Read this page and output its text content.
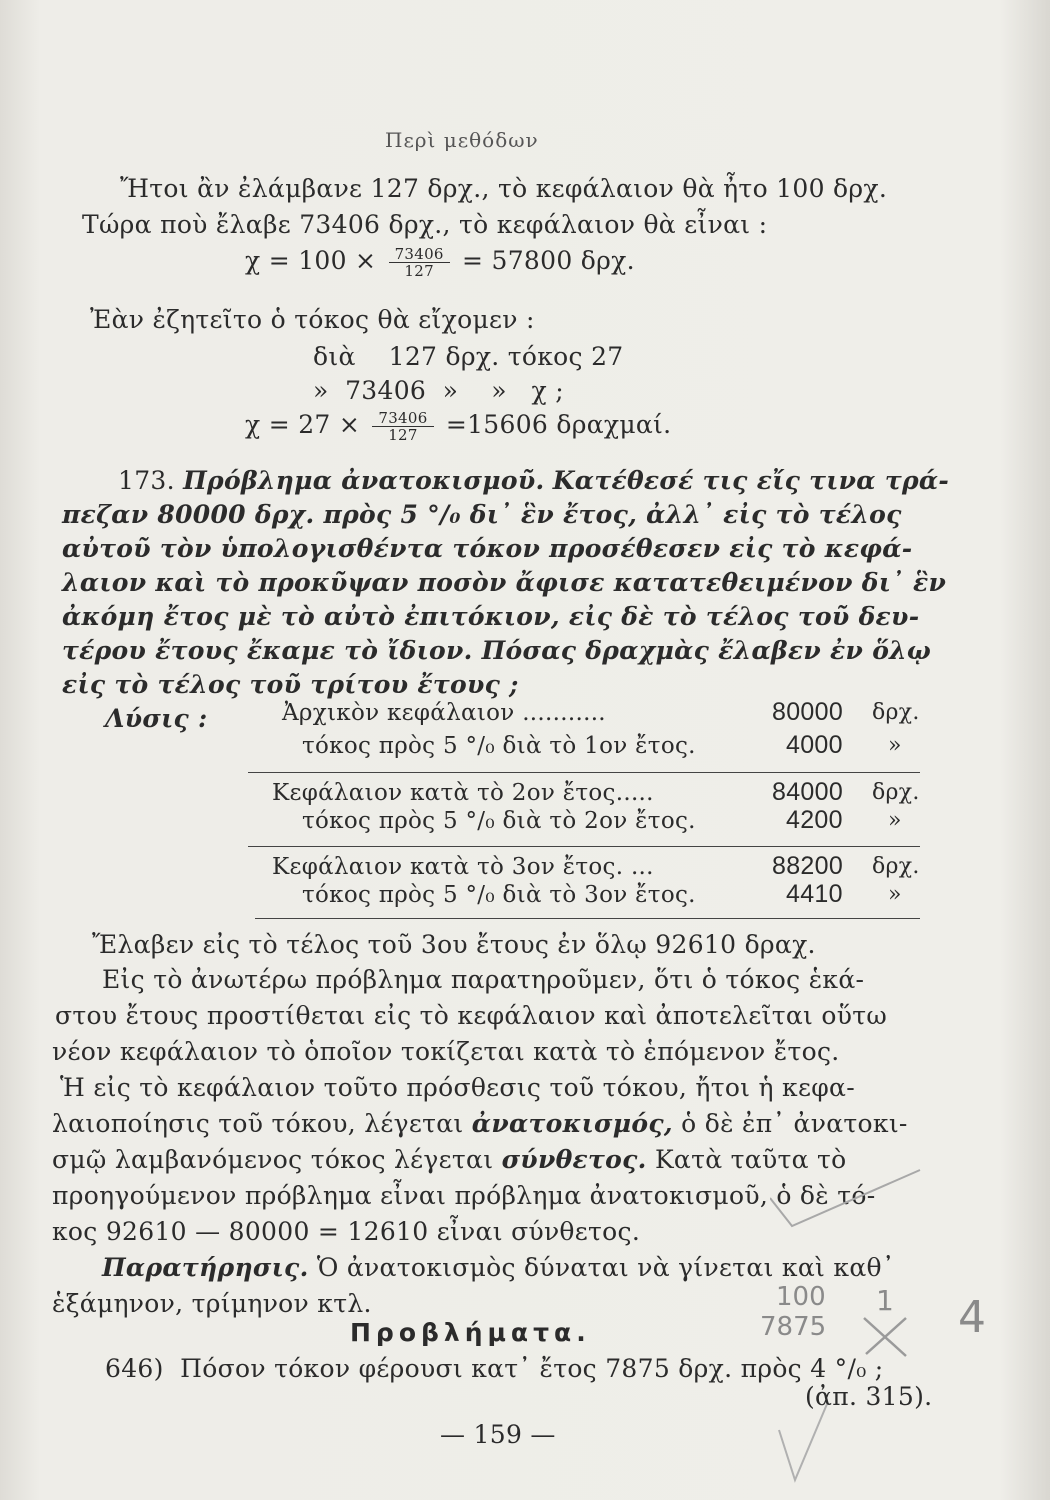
Περὶ μεθόδων
Ἤτοι ἂν ἐλάμβανε 127 δρχ., τὸ κεφάλαιον θὰ ἦτο 100 δρχ.
Τώρα ποὺ ἔλαβε 73406 δρχ., τὸ κεφάλαιον θὰ εἶναι :
$\chi = 100 \times \frac{73406}{127} = 57800$ δρχ.
Ἐὰν ἐζητεῖτο ὁ τόκος θὰ εἴχομεν :
διὰ    127 δρχ. τόκος 27
»  73406  »    »   χ ;
$\chi = 27 \times \frac{73406}{127} =15606$ δραχμαί.
173. Πρόβλημα ἀνατοκισμοῦ. Κατέθεσέ τις εἴς τινα τρά-
πεζαν 80000 δρχ. πρὸς 5 °/₀ δι᾽ ἓν ἔτος, ἀλλ᾽ εἰς τὸ τέλος
αὐτοῦ τὸν ὑπολογισθέντα τόκον προσέθεσεν εἰς τὸ κεφά-
λαιον καὶ τὸ προκῦψαν ποσὸν ἄφισε κατατεθειμένον δι᾽ ἓν
ἀκόμη ἔτος μὲ τὸ αὐτὸ ἐπιτόκιον, εἰς δὲ τὸ τέλος τοῦ δευ-
τέρου ἔτους ἔκαμε τὸ ἴδιον. Πόσας δραχμὰς ἔλαβεν ἐν ὅλῳ
εἰς τὸ τέλος τοῦ τρίτου ἔτους ;
Λύσις :	Ἀρχικὸν κεφάλαιον ...........	80000 δρχ.
τόκος πρὸς 5 °/₀ διὰ τὸ 1ον ἔτος.	4000 »
Κεφάλαιον κατὰ τὸ 2ον ἔτος.....	84000 δρχ.
τόκος πρὸς 5 °/₀ διὰ τὸ 2ον ἔτος.	4200 »
Κεφάλαιον κατὰ τὸ 3ον ἔτος. ...	88200 δρχ.
τόκος πρὸς 5 °/₀ διὰ τὸ 3ον ἔτος.	4410 »
Ἔλαβεν εἰς τὸ τέλος τοῦ 3ου ἔτους ἐν ὅλῳ 92610 δραχ.
Εἰς τὸ ἀνωτέρω πρόβλημα παρατηροῦμεν, ὅτι ὁ τόκος ἑκά-
στου ἔτους προστίθεται εἰς τὸ κεφάλαιον καὶ ἀποτελεῖται οὕτω
νέον κεφάλαιον τὸ ὁποῖον τοκίζεται κατὰ τὸ ἑπόμενον ἔτος.
Ἡ εἰς τὸ κεφάλαιον τοῦτο πρόσθεσις τοῦ τόκου, ἤτοι ἡ κεφα-
λαιοποίησις τοῦ τόκου, λέγεται ἀνατοκισμός, ὁ δὲ ἐπ᾽ ἀνατοκι-
σμῷ λαμβανόμενος τόκος λέγεται σύνθετος. Κατὰ ταῦτα τὸ
προηγούμενον πρόβλημα εἶναι πρόβλημα ἀνατοκισμοῦ, ὁ δὲ τό-
κος 92610 — 80000 = 12610 εἶναι σύνθετος.
Παρατήρησις. Ὁ ἀνατοκισμὸς δύναται νὰ γίνεται καὶ καθ᾽
ἑξάμηνον, τρίμηνον κτλ.
Προβλήματα.
100
7875
1 4
646)  Πόσον τόκον φέρουσι κατ᾽ ἔτος 7875 δρχ. πρὸς 4 °/₀ ;
(ἀπ. 315).
— 159 —
